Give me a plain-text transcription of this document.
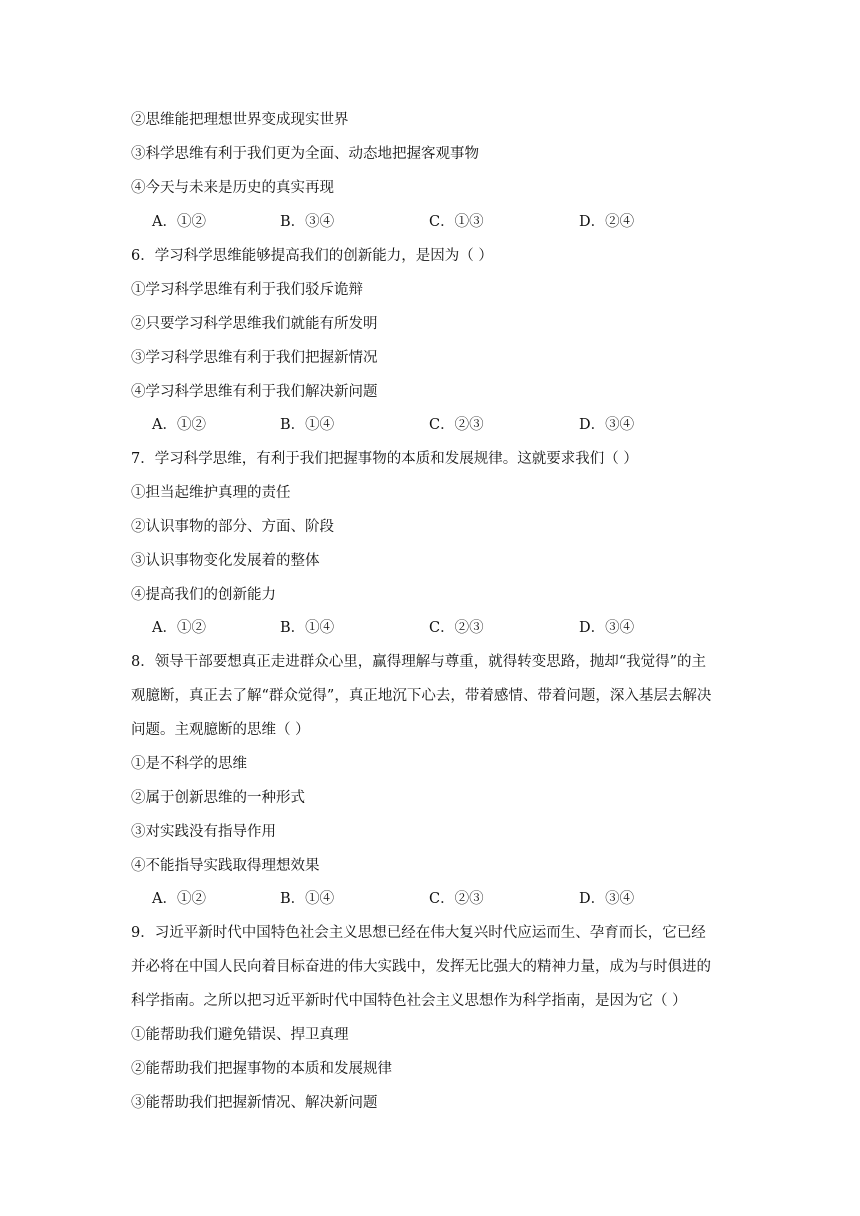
②思维能把理想世界变成现实世界
③科学思维有利于我们更为全面、动态地把握客观事物
④今天与未来是历史的真实再现
A．①②	B．③④	C．①③	D．②④
6．学习科学思维能够提高我们的创新能力，是因为（ ）
①学习科学思维有利于我们驳斥诡辩
②只要学习科学思维我们就能有所发明
③学习科学思维有利于我们把握新情况
④学习科学思维有利于我们解决新问题
A．①②	B．①④	C．②③	D．③④
7．学习科学思维，有利于我们把握事物的本质和发展规律。这就要求我们（ ）
①担当起维护真理的责任
②认识事物的部分、方面、阶段
③认识事物变化发展着的整体
④提高我们的创新能力
A．①②	B．①④	C．②③	D．③④
8．领导干部要想真正走进群众心里，赢得理解与尊重，就得转变思路，抛却“我觉得”的主
观臆断，真正去了解“群众觉得”，真正地沉下心去，带着感情、带着问题，深入基层去解决
问题。主观臆断的思维（ ）
①是不科学的思维
②属于创新思维的一种形式
③对实践没有指导作用
④不能指导实践取得理想效果
A．①②	B．①④	C．②③	D．③④
9．习近平新时代中国特色社会主义思想已经在伟大复兴时代应运而生、孕育而长，它已经
并必将在中国人民向着目标奋进的伟大实践中，发挥无比强大的精神力量，成为与时俱进的
科学指南。之所以把习近平新时代中国特色社会主义思想作为科学指南，是因为它（ ）
①能帮助我们避免错误、捍卫真理
②能帮助我们把握事物的本质和发展规律
③能帮助我们把握新情况、解决新问题
